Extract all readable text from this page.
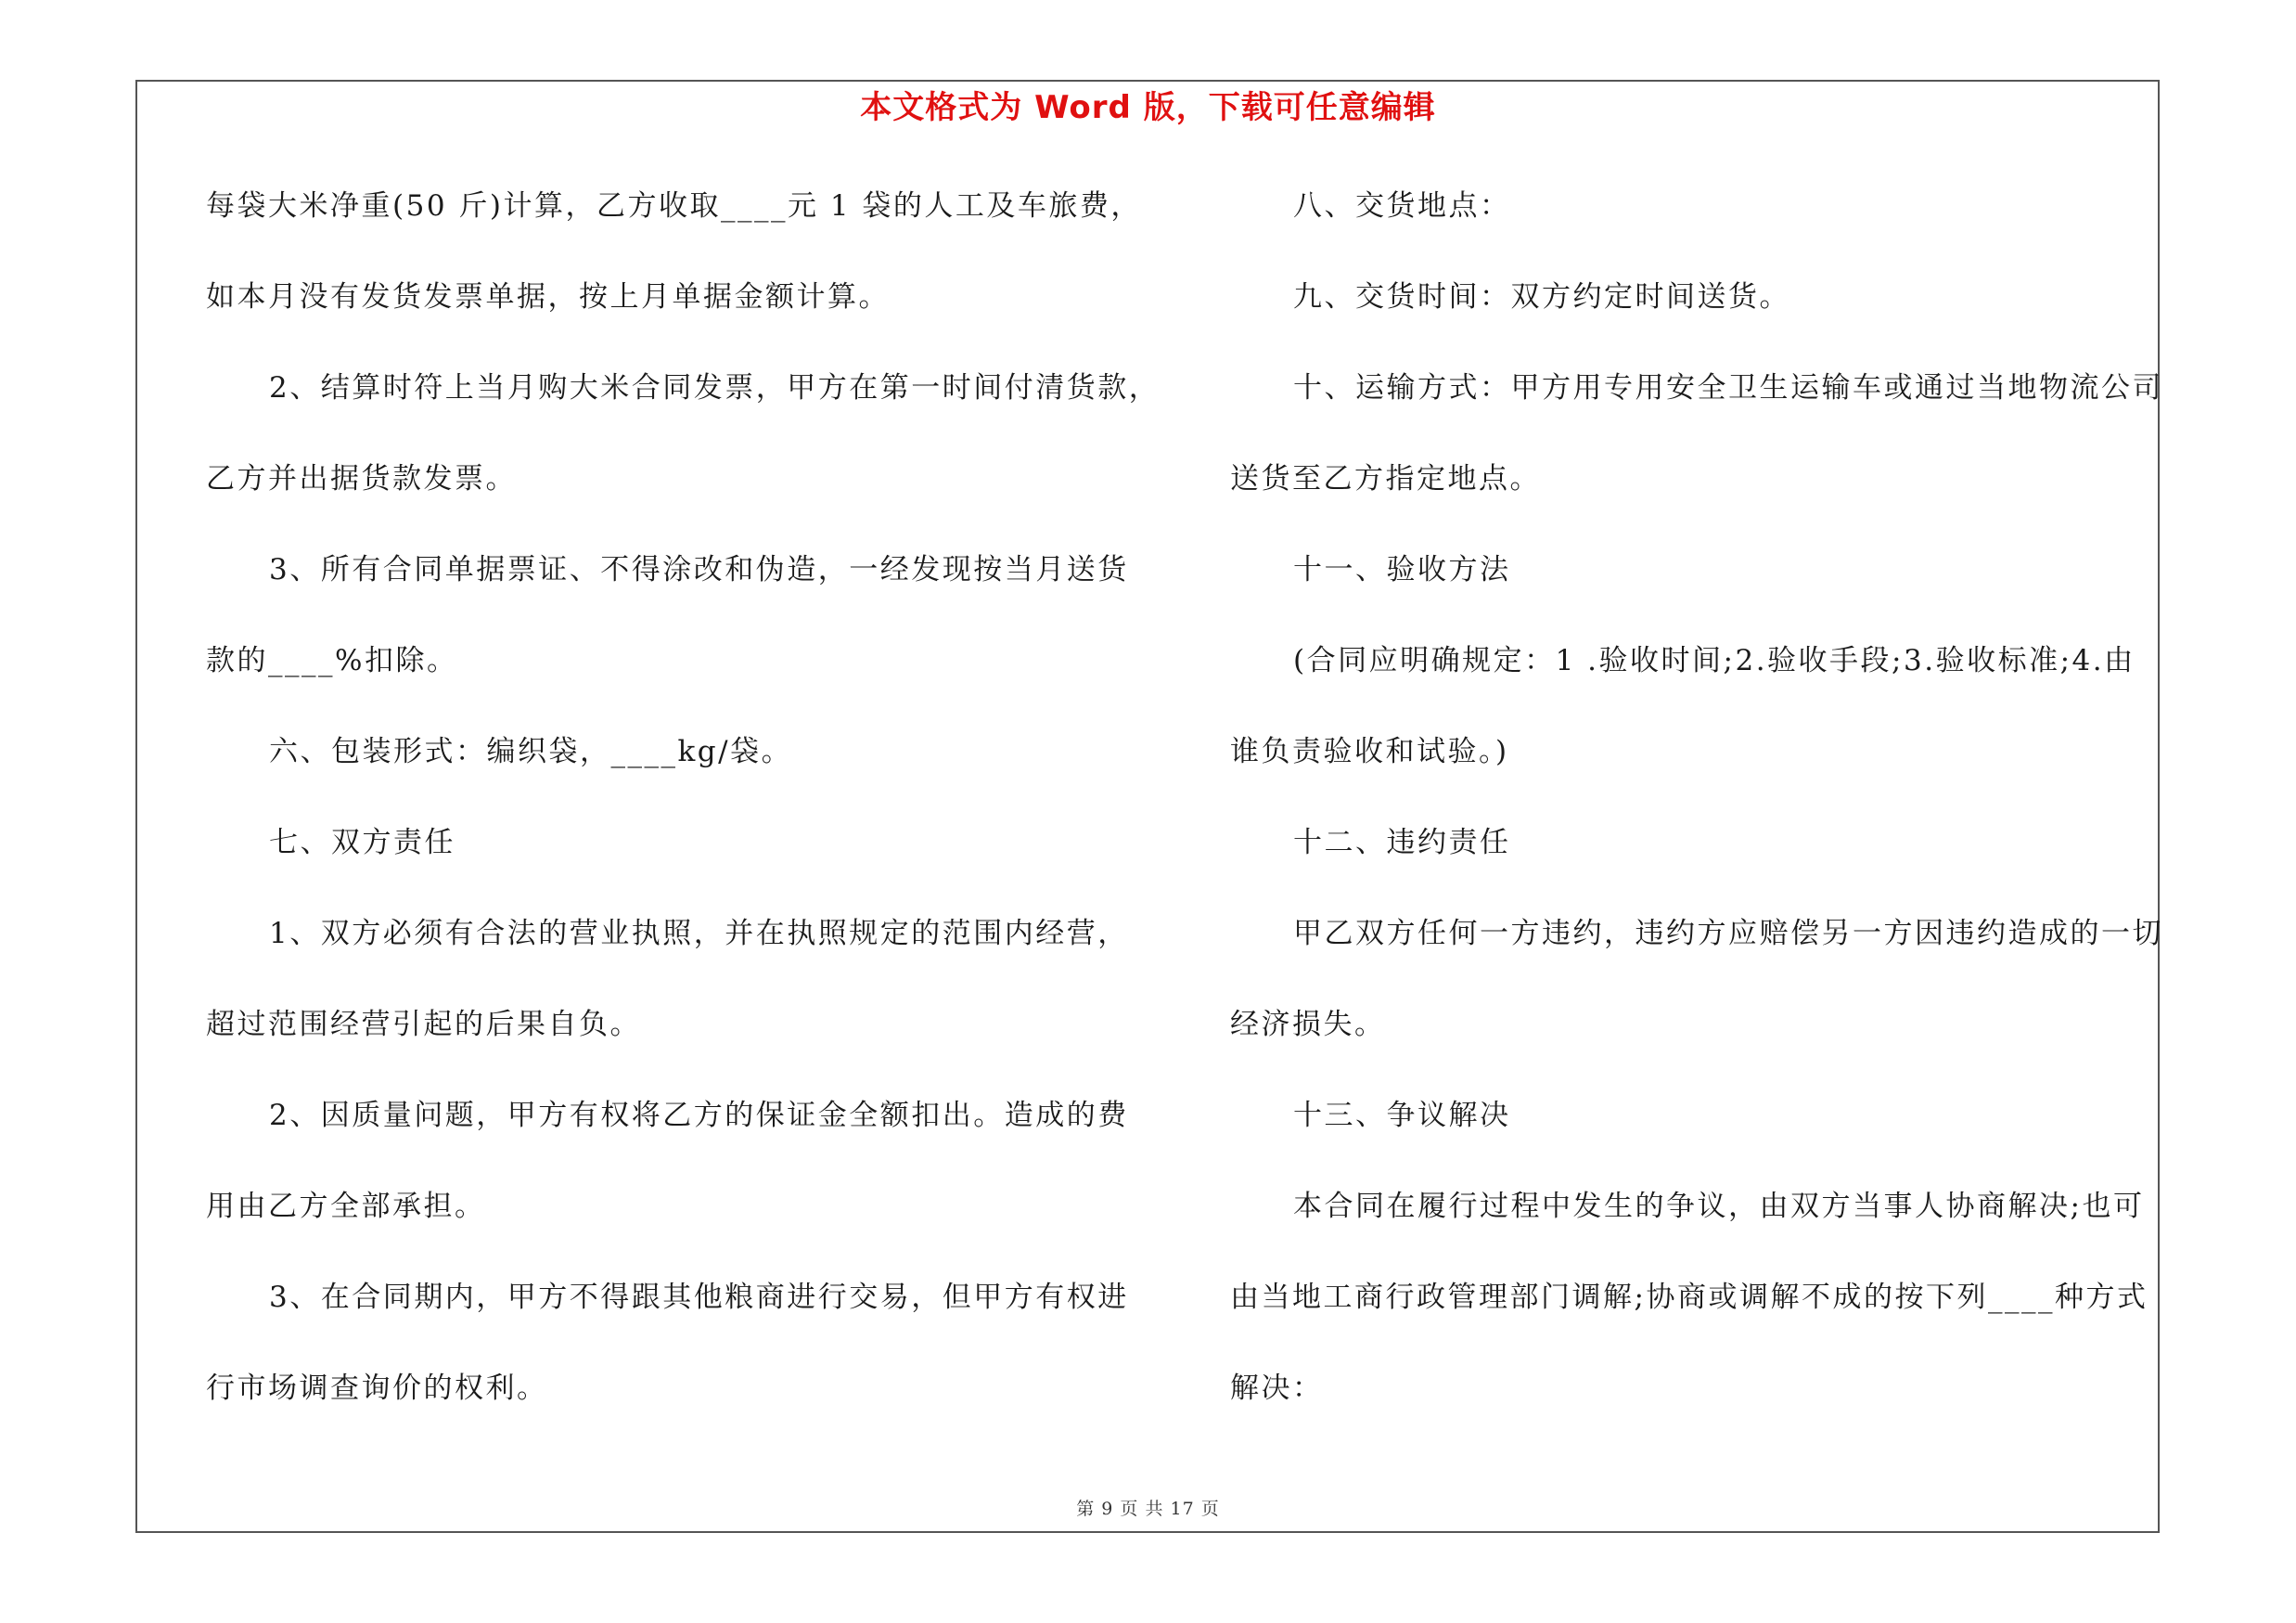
本文格式为 Word 版，下载可任意编辑
每袋大米净重(50 斤)计算，乙方收取____元 1 袋的人工及车旅费，
如本月没有发货发票单据，按上月单据金额计算。
2、结算时符上当月购大米合同发票，甲方在第一时间付清货款，
乙方并出据货款发票。
3、所有合同单据票证、不得涂改和伪造，一经发现按当月送货
款的____%扣除。
六、包装形式：编织袋，____kg/袋。
七、双方责任
1、双方必须有合法的营业执照，并在执照规定的范围内经营，
超过范围经营引起的后果自负。
2、因质量问题，甲方有权将乙方的保证金全额扣出。造成的费
用由乙方全部承担。
3、在合同期内，甲方不得跟其他粮商进行交易，但甲方有权进
行市场调查询价的权利。
八、交货地点：
九、交货时间：双方约定时间送货。
十、运输方式：甲方用专用安全卫生运输车或通过当地物流公司
送货至乙方指定地点。
十一、验收方法
(合同应明确规定：1 .验收时间;2.验收手段;3.验收标准;4.由
谁负责验收和试验。)
十二、违约责任
甲乙双方任何一方违约，违约方应赔偿另一方因违约造成的一切
经济损失。
十三、争议解决
本合同在履行过程中发生的争议，由双方当事人协商解决;也可
由当地工商行政管理部门调解;协商或调解不成的按下列____种方式
解决：
第 9 页 共 17 页
